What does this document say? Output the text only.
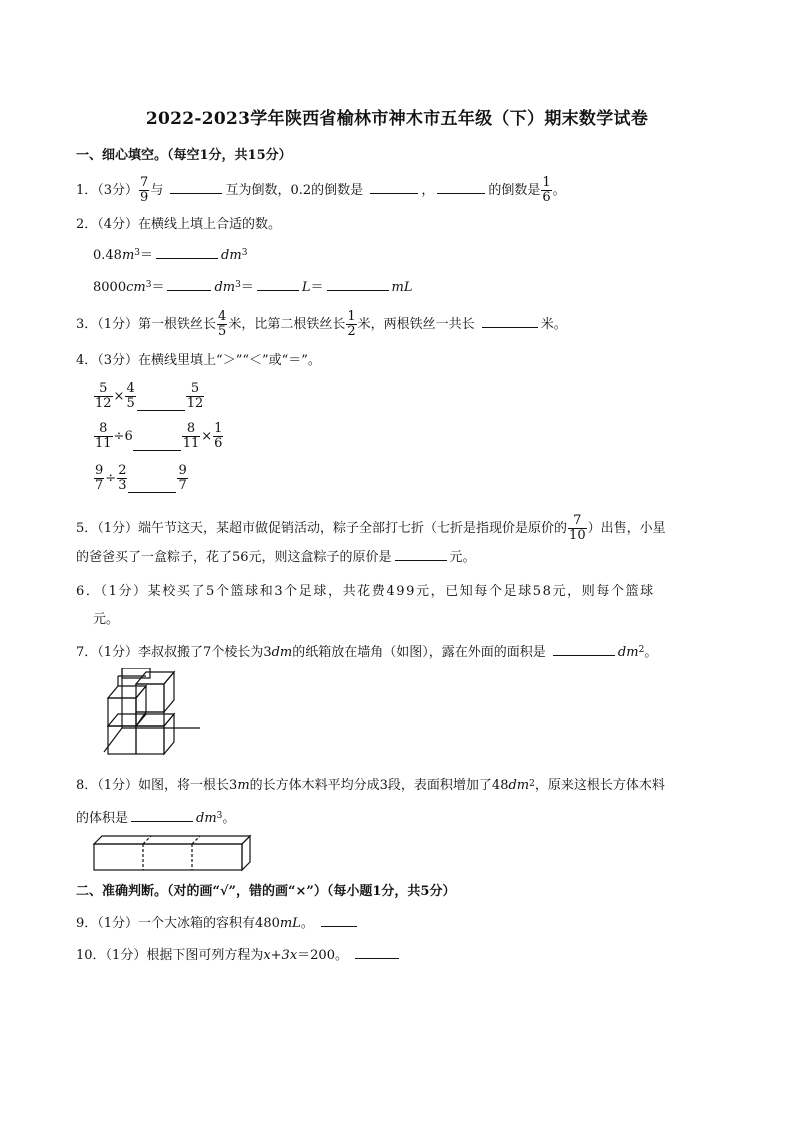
2022-2023学年陕西省榆林市神木市五年级（下）期末数学试卷
一、细心填空。（每空1分，共15分）
1．（3分） $\frac{7}{9}$ 与	互为倒数，0.2的倒数是	，	的倒数是 $\frac{1}{6}$ 。
2．（4分）在横线上填上合适的数。
$0.48m^3=$	$dm^3$
$8000cm^3=$	$dm^3=$	L＝	mL
3．（1分）第一根铁丝长 $\frac{4}{5}$ 米，比第二根铁丝长 $\frac{1}{2}$ 米，两根铁丝一共长	米。
4．（3分）在横线里填上“＞”“＜”或“＝”。
$\frac{5}{12} \times \frac{4}{5}$	$\frac{5}{12}$
$\frac{8}{11} \div 6$	$\frac{8}{11} \times \frac{1}{6}$
$\frac{9}{7} \div \frac{2}{3}$	$\frac{9}{7}$
5．（1分）端午节这天，某超市做促销活动，粽子全部打七折（七折是指现价是原价的 $\frac{7}{10}$ ）出售，小星
的爸爸买了一盒粽子，花了56元，则这盒粽子的原价是	元。
6．（1分）某校买了5个篮球和3个足球，共花费499元，已知每个足球58元，则每个篮球
元。
7．（1分）李叔叔搬了7个棱长为3dm的纸箱放在墙角（如图），露在外面的面积是	$dm^2$。
8．（1分）如图，将一根长3m的长方体木料平均分成3段，表面积增加了$48dm^2$，原来这根长方体木料
的体积是	$dm^3$。
二、准确判断。（对的画“√”，错的画“×”）（每小题1分，共5分）
9．（1分）一个大冰箱的容积有480mL。
10．（1分）根据下图可列方程为x+3x＝200。
